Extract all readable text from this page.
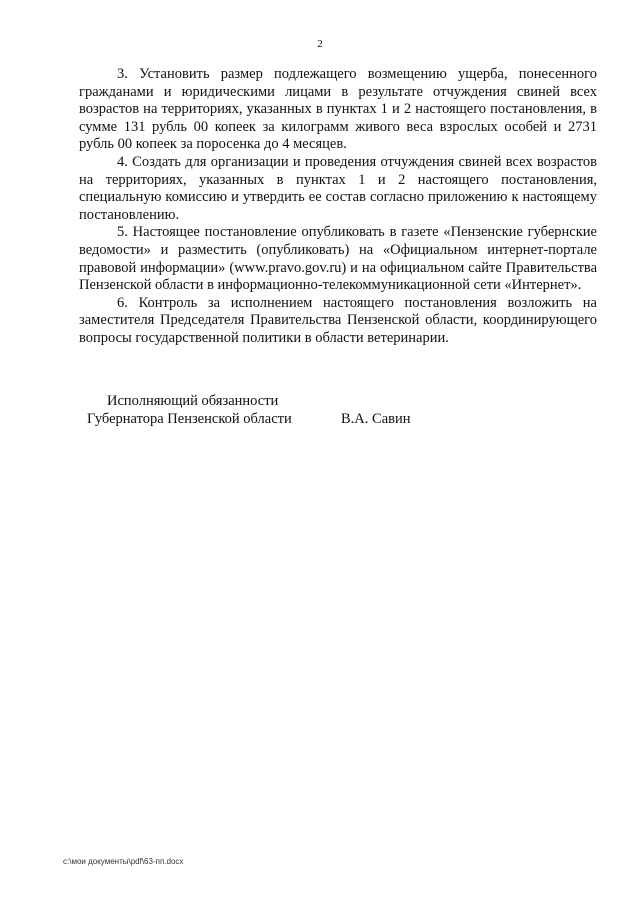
2

3. Установить размер подлежащего возмещению ущерба, понесенного гражданами и юридическими лицами в результате отчуждения свиней всех возрастов на территориях, указанных в пунктах 1 и 2 настоящего постановления, в сумме 131 рубль 00 копеек за килограмм живого веса взрослых особей и 2731 рубль 00 копеек за поросенка до 4 месяцев.

4. Создать для организации и проведения отчуждения свиней всех возрастов на территориях, указанных в пунктах 1 и 2 настоящего постановления, специальную комиссию и утвердить ее состав согласно приложению к настоящему постановлению.

5. Настоящее постановление опубликовать в газете «Пензенские губернские ведомости» и разместить (опубликовать) на «Официальном интернет-портале правовой информации» (www.pravo.gov.ru) и на официальном сайте Правительства Пензенской области в информационно-телекоммуникационной сети «Интернет».

6. Контроль за исполнением настоящего постановления возложить на заместителя Председателя Правительства Пензенской области, координирующего вопросы государственной политики в области ветеринарии.

Исполняющий обязанности
Губернатора Пензенской области	В.А. Савин
c:\мои документы\pdf\63-пп.docx
